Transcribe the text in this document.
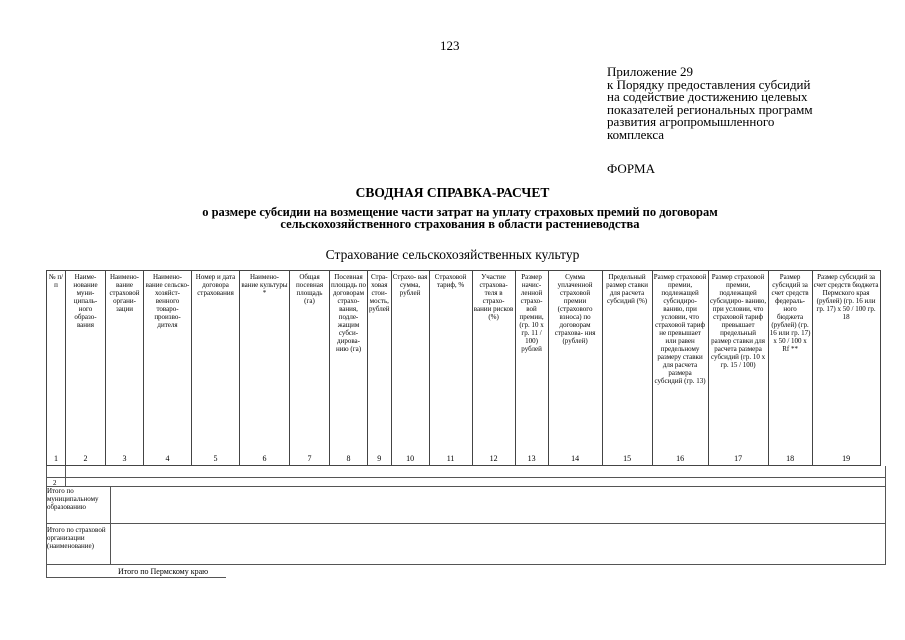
123
Приложение 29
к Порядку предоставления субсидий
на содействие достижению целевых
показателей региональных программ
развития агропромышленного
комплекса
ФОРМА
СВОДНАЯ СПРАВКА-РАСЧЕТ
о размере субсидии на возмещение части затрат на уплату страховых премий по договорам
сельскохозяйственного страхования в области растениеводства
Страхование сельскохозяйственных культур
№ п/п	Наиме- нование муни- ципаль- ного образо- вания	Наимено- вание страховой органи- зации	Наимено- вание сельско- хозяйст- венного товаро- произво- дителя	Номер и дата договора страхования	Наимено- вание культуры *	Общая посевная площадь (га)	Посевная площадь по договорам страхо- вания, подле- жащим субси- дирова- нию (га)	Стра- ховая стои- мость, рублей	Страхо- вая сумма, рублей	Страховой тариф, %	Участие страхова- теля в страхо- вании рисков (%)	Размер начис- ленной страхо- вой премии, (гр. 10 х гр. 11 / 100) рублей	Сумма уплаченной страховой премии (страхового взноса) по договорам страхова- ния (рублей)	Предельный размер ставки для расчета субсидий (%)	Размер страховой премии, подлежащей субсидиро- ванию, при условии, что страховой тариф не превышает или равен предельному размеру ставки для расчета размера субсидий (гр. 13)	Размер страховой премии, подлежащей субсидиро- ванию, при условии, что страховой тариф превышает предельный размер ставки для расчета размера субсидий (гр. 10 х гр. 15 / 100)	Размер субсидий за счет средств федераль- ного бюджета (рублей) (гр. 16 или гр. 17) х 50 / 100 х Rf **	Размер субсидий за счет средств бюджета Пермского края (рублей) (гр. 16 или гр. 17) х 50 / 100 гр. 18
1	2	3	4	5	6	7	8	9	10	11	12	13	14	15	16	17	18	19
2
Итого по муниципальному образованию
Итого по страховой организации (наименование)
Итого по Пермскому краю
